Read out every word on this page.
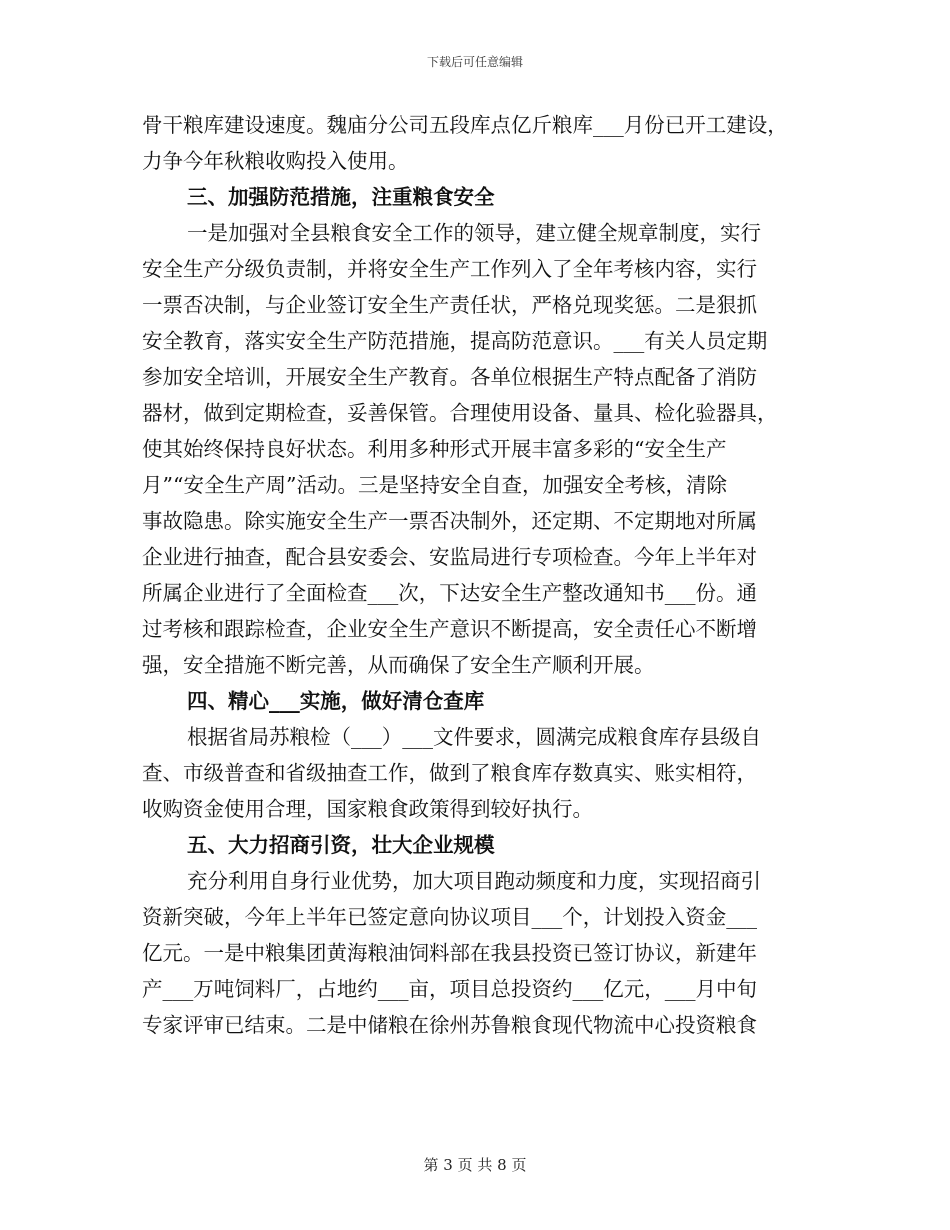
下载后可任意编辑
骨干粮库建设速度。魏庙分公司五段库点亿斤粮库___月份已开工建设，
力争今年秋粮收购投入使用。
三、加强防范措施，注重粮食安全
一是加强对全县粮食安全工作的领导，建立健全规章制度，实行
安全生产分级负责制，并将安全生产工作列入了全年考核内容，实行
一票否决制，与企业签订安全生产责任状，严格兑现奖惩。二是狠抓
安全教育，落实安全生产防范措施，提高防范意识。___有关人员定期
参加安全培训，开展安全生产教育。各单位根据生产特点配备了消防
器材，做到定期检查，妥善保管。合理使用设备、量具、检化验器具，
使其始终保持良好状态。利用多种形式开展丰富多彩的“安全生产
月”“安全生产周”活动。三是坚持安全自查，加强安全考核，清除
事故隐患。除实施安全生产一票否决制外，还定期、不定期地对所属
企业进行抽查，配合县安委会、安监局进行专项检查。今年上半年对
所属企业进行了全面检查___次，下达安全生产整改通知书___份。通
过考核和跟踪检查，企业安全生产意识不断提高，安全责任心不断增
强，安全措施不断完善，从而确保了安全生产顺利开展。
四、精心___实施，做好清仓查库
根据省局苏粮检（___）___文件要求，圆满完成粮食库存县级自
查、市级普查和省级抽查工作，做到了粮食库存数真实、账实相符，
收购资金使用合理，国家粮食政策得到较好执行。
五、大力招商引资，壮大企业规模
充分利用自身行业优势，加大项目跑动频度和力度，实现招商引
资新突破，今年上半年已签定意向协议项目___个，计划投入资金___
亿元。一是中粮集团黄海粮油饲料部在我县投资已签订协议，新建年
产___万吨饲料厂，占地约___亩，项目总投资约___亿元，___月中旬
专家评审已结束。二是中储粮在徐州苏鲁粮食现代物流中心投资粮食
第 3 页 共 8 页
